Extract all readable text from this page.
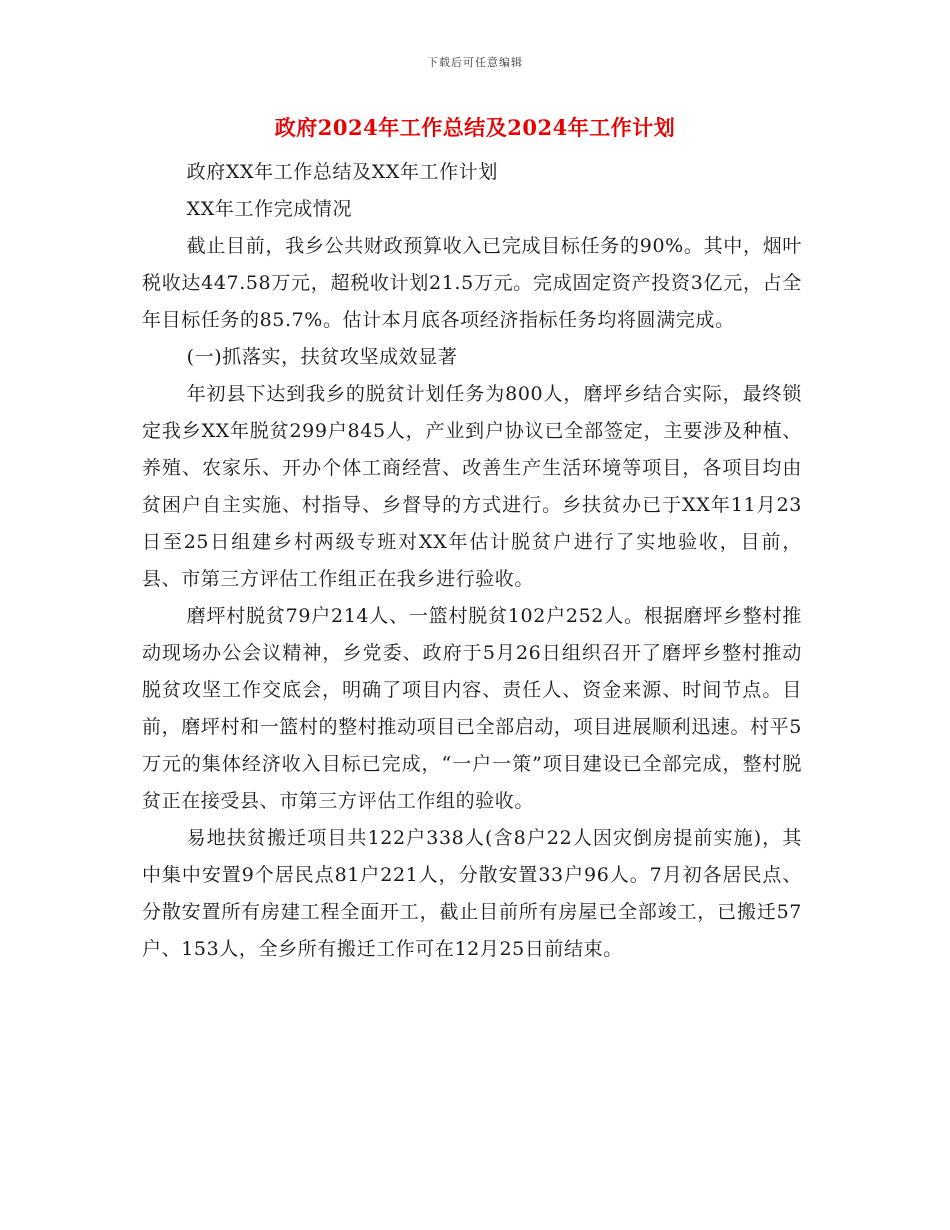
下载后可任意编辑
政府2024年工作总结及2024年工作计划

政府XX年工作总结及XX年工作计划

XX年工作完成情况

截止目前，我乡公共财政预算收入已完成目标任务的90%。其中，烟叶税收达447.58万元，超税收计划21.5万元。完成固定资产投资3亿元，占全年目标任务的85.7%。估计本月底各项经济指标任务均将圆满完成。

(一)抓落实，扶贫攻坚成效显著

年初县下达到我乡的脱贫计划任务为800人，磨坪乡结合实际，最终锁定我乡XX年脱贫299户845人，产业到户协议已全部签定，主要涉及种植、养殖、农家乐、开办个体工商经营、改善生产生活环境等项目，各项目均由贫困户自主实施、村指导、乡督导的方式进行。乡扶贫办已于XX年11月23日至25日组建乡村两级专班对XX年估计脱贫户进行了实地验收，目前，县、市第三方评估工作组正在我乡进行验收。

磨坪村脱贫79户214人、一篮村脱贫102户252人。根据磨坪乡整村推动现场办公会议精神，乡党委、政府于5月26日组织召开了磨坪乡整村推动脱贫攻坚工作交底会，明确了项目内容、责任人、资金来源、时间节点。目前，磨坪村和一篮村的整村推动项目已全部启动，项目进展顺利迅速。村平5万元的集体经济收入目标已完成，“一户一策”项目建设已全部完成，整村脱贫正在接受县、市第三方评估工作组的验收。

易地扶贫搬迁项目共122户338人(含8户22人因灾倒房提前实施)，其中集中安置9个居民点81户221人，分散安置33户96人。7月初各居民点、分散安置所有房建工程全面开工，截止目前所有房屋已全部竣工，已搬迁57户、153人，全乡所有搬迁工作可在12月25日前结束。
